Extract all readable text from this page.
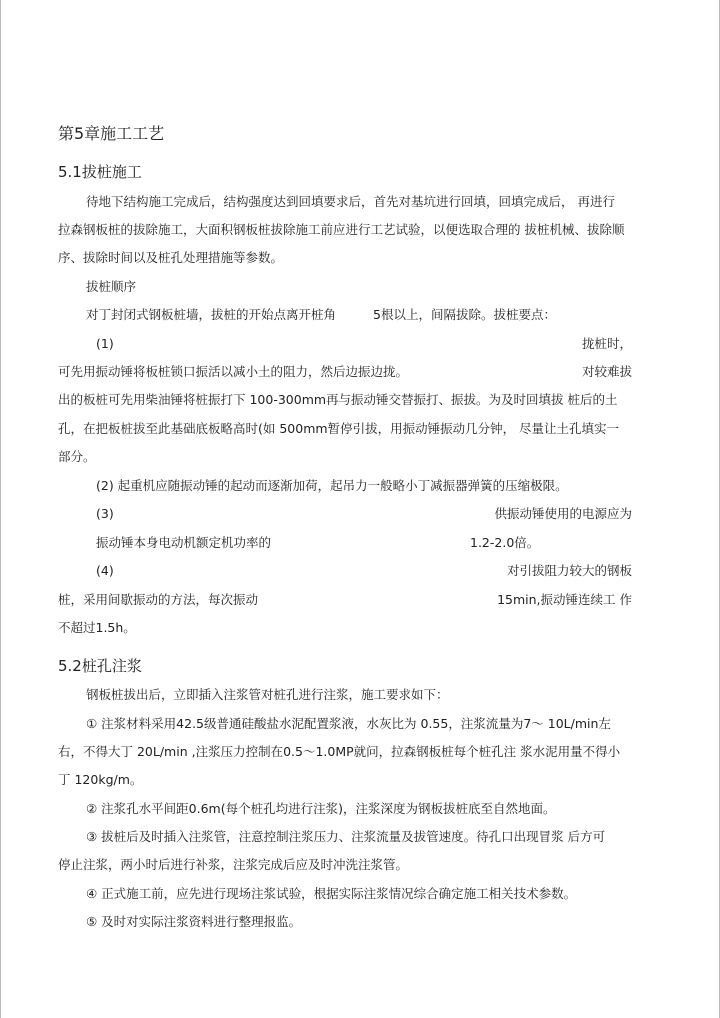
第5章施工工艺
5.1拔桩施工
待地下结构施工完成后，结构强度达到回填要求后，首先对基坑进行回填，回填完成后， 再进行
拉森钢板桩的拔除施工，大面积钢板桩拔除施工前应进行工艺试验，以便选取合理的 拔桩机械、拔除顺
序、拔除时间以及桩孔处理措施等参数。
拔桩顺序
对丁封闭式钢板桩墙，拔桩的开始点离开桩角	5根以上，间隔拔除。拔桩要点：
(1)	拢桩时，
可先用振动锤将板桩锁口振活以减小土的阻力，然后边振边拢。	对较难拔
出的板桩可先用柴油锤将桩振打下 100-300mm再与振动锤交替振打、振拔。为及时回填拔 桩后的土
孔，在把板桩拔至此基础底板略高时(如 500mm暂停引拔，用振动锤振动几分钟， 尽量让土孔填实一
部分。
(2) 起重机应随振动锤的起动而逐渐加荷，起吊力一般略小丁减振器弹簧的压缩极限。
(3)	供振动锤使用的电源应为
振动锤本身电动机额定机功率的	1.2-2.0倍。
(4)	对引拔阻力较大的钢板
桩，采用间歇振动的方法，每次振动	15min,振动锤连续工 作
不超过1.5h。
5.2桩孔注浆
钢板桩拔出后，立即插入注浆管对桩孔进行注浆，施工要求如下：
① 注浆材料采用42.5级普通硅酸盐水泥配置浆液，水灰比为 0.55，注浆流量为7～ 10L/min左
右，不得大丁 20L/min ,注浆压力控制在0.5～1.0MP就问，拉森钢板桩每个桩孔注 浆水泥用量不得小
丁 120kg/m。
② 注浆孔水平间距0.6m(每个桩孔均进行注浆)，注浆深度为钢板拔桩底至自然地面。
③ 拔桩后及时插入注浆管，注意控制注浆压力、注浆流量及拔管速度。待孔口出现冒浆 后方可
停止注浆，两小时后进行补浆，注浆完成后应及时冲洗注浆管。
④ 正式施工前，应先进行现场注浆试验，根据实际注浆情况综合确定施工相关技术参数。
⑤ 及时对实际注浆资料进行整理报监。
